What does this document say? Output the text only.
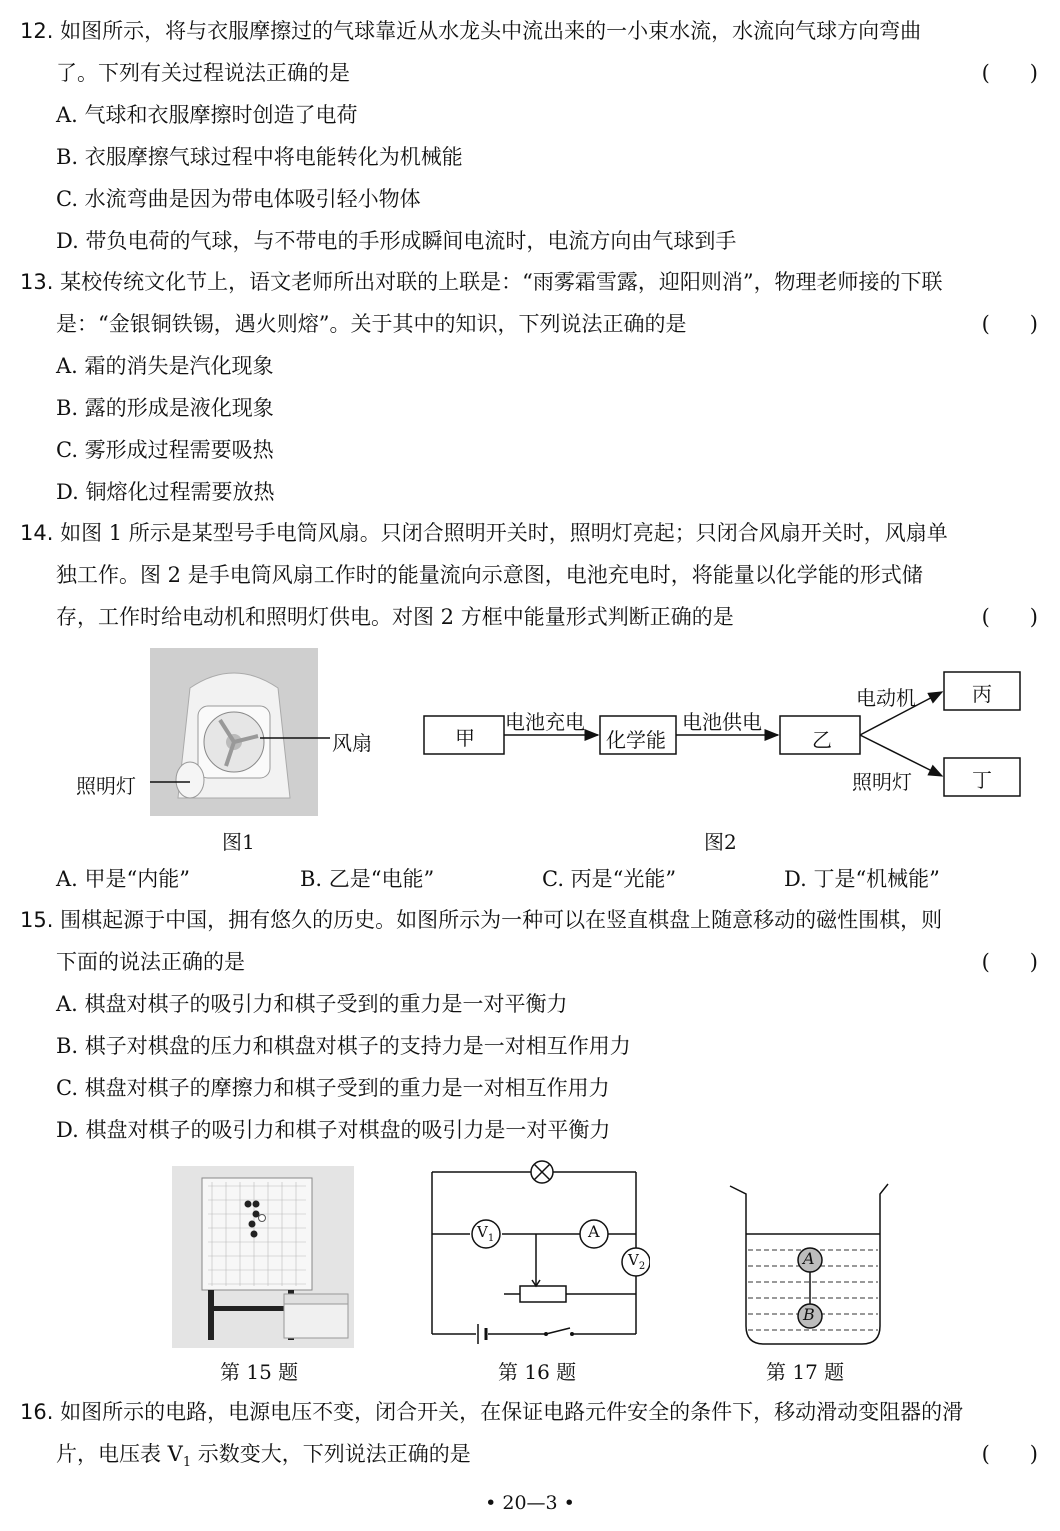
12. 如图所示，将与衣服摩擦过的气球靠近从水龙头中流出来的一小束水流，水流向气球方向弯曲
了。下列有关过程说法正确的是	(      )
A. 气球和衣服摩擦时创造了电荷
B. 衣服摩擦气球过程中将电能转化为机械能
C. 水流弯曲是因为带电体吸引轻小物体
D. 带负电荷的气球，与不带电的手形成瞬间电流时，电流方向由气球到手
13. 某校传统文化节上，语文老师所出对联的上联是：“雨雾霜雪露，迎阳则消”，物理老师接的下联
是：“金银铜铁锡，遇火则熔”。关于其中的知识，下列说法正确的是	(      )
A. 霜的消失是汽化现象
B. 露的形成是液化现象
C. 雾形成过程需要吸热
D. 铜熔化过程需要放热
14. 如图 1 所示是某型号手电筒风扇。只闭合照明开关时，照明灯亮起；只闭合风扇开关时，风扇单
独工作。图 2 是手电筒风扇工作时的能量流向示意图，电池充电时，将能量以化学能的形式储
存，工作时给电动机和照明灯供电。对图 2 方框中能量形式判断正确的是	(      )
风扇
照明灯
图1
甲
电池充电
化学能
电池供电
乙
电动机	丙
照明灯	丁
图2
A. 甲是“内能”	B. 乙是“电能”	C. 丙是“光能”	D. 丁是“机械能”
15. 围棋起源于中国，拥有悠久的历史。如图所示为一种可以在竖直棋盘上随意移动的磁性围棋，则
下面的说法正确的是	(      )
A. 棋盘对棋子的吸引力和棋子受到的重力是一对平衡力
B. 棋子对棋盘的压力和棋盘对棋子的支持力是一对相互作用力
C. 棋盘对棋子的摩擦力和棋子受到的重力是一对相互作用力
D. 棋盘对棋子的吸引力和棋子对棋盘的吸引力是一对平衡力
第 15 题
$V_1$	A
$V_2$
第 16 题
A
B
第 17 题
16. 如图所示的电路，电源电压不变，闭合开关，在保证电路元件安全的条件下，移动滑动变阻器的滑
片，电压表 $V_1$ 示数变大，下列说法正确的是	(      )
• 20—3 •
